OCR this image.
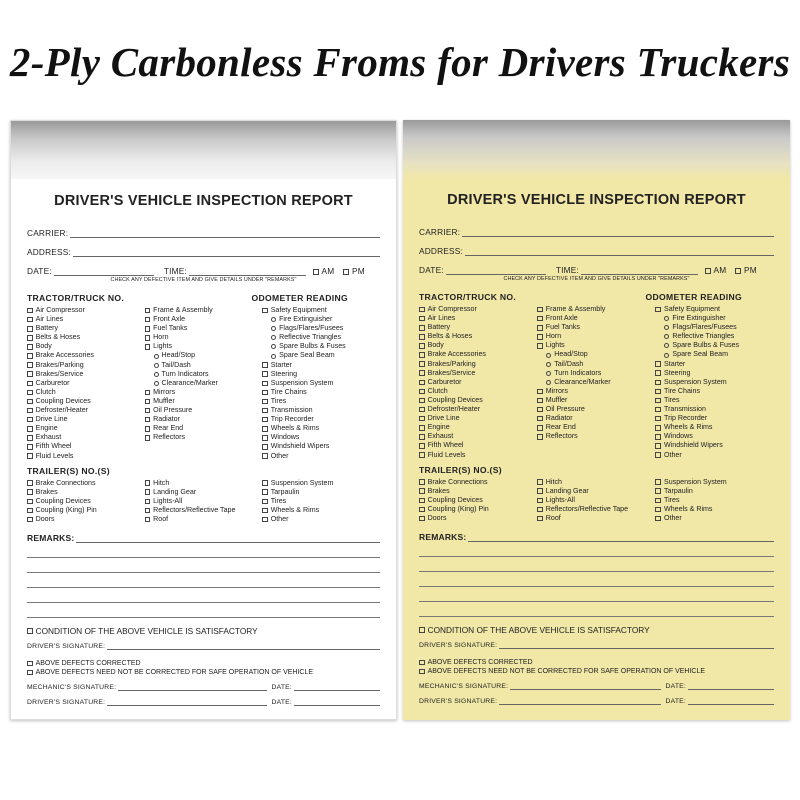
2-Ply Carbonless Froms for Drivers Truckers
DRIVER'S VEHICLE INSPECTION REPORT
CARRIER:
ADDRESS:
DATE:	TIME:	AM PM
CHECK ANY DEFECTIVE ITEM AND GIVE DETAILS UNDER "REMARKS"
TRACTOR/TRUCK NO.	ODOMETER READING
Air Compressor
Air Lines
Battery
Belts & Hoses
Body
Brake Accessories
Brakes/Parking
Brakes/Service
Carburetor
Clutch
Coupling Devices
Defroster/Heater
Drive Line
Engine
Exhaust
Fifth Wheel
Fluid Levels
Frame & Assembly
Front Axle
Fuel Tanks
Horn
Lights
Head/Stop
Tail/Dash
Turn Indicators
Clearance/Marker
Mirrors
Muffler
Oil Pressure
Radiator
Rear End
Reflectors
Safety Equipment
Fire Extinguisher
Flags/Flares/Fusees
Reflective Triangles
Spare Bulbs & Fuses
Spare Seal Beam
Starter
Steering
Suspension System
Tire Chains
Tires
Transmission
Trip Recorder
Wheels & Rims
Windows
Windshield Wipers
Other
TRAILER(S) NO.(S)
Brake Connections
Brakes
Coupling Devices
Coupling (King) Pin
Doors
Hitch
Landing Gear
Lights-All
Reflectors/Reflective Tape
Roof
Suspension System
Tarpaulin
Tires
Wheels & Rims
Other
REMARKS:
CONDITION OF THE ABOVE VEHICLE IS SATISFACTORY
DRIVER'S SIGNATURE:
ABOVE DEFECTS CORRECTED
ABOVE DEFECTS NEED NOT BE CORRECTED FOR SAFE OPERATION OF VEHICLE
MECHANIC'S SIGNATURE:	DATE:
DRIVER'S SIGNATURE:	DATE:
DRIVER'S VEHICLE INSPECTION REPORT
CARRIER:
ADDRESS:
DATE:	TIME:	AM PM
CHECK ANY DEFECTIVE ITEM AND GIVE DETAILS UNDER "REMARKS"
TRACTOR/TRUCK NO.	ODOMETER READING
Air Compressor
Air Lines
Battery
Belts & Hoses
Body
Brake Accessories
Brakes/Parking
Brakes/Service
Carburetor
Clutch
Coupling Devices
Defroster/Heater
Drive Line
Engine
Exhaust
Fifth Wheel
Fluid Levels
Frame & Assembly
Front Axle
Fuel Tanks
Horn
Lights
Head/Stop
Tail/Dash
Turn Indicators
Clearance/Marker
Mirrors
Muffler
Oil Pressure
Radiator
Rear End
Reflectors
Safety Equipment
Fire Extinguisher
Flags/Flares/Fusees
Reflective Triangles
Spare Bulbs & Fuses
Spare Seal Beam
Starter
Steering
Suspension System
Tire Chains
Tires
Transmission
Trip Recorder
Wheels & Rims
Windows
Windshield Wipers
Other
TRAILER(S) NO.(S)
Brake Connections
Brakes
Coupling Devices
Coupling (King) Pin
Doors
Hitch
Landing Gear
Lights-All
Reflectors/Reflective Tape
Roof
Suspension System
Tarpaulin
Tires
Wheels & Rims
Other
REMARKS:
CONDITION OF THE ABOVE VEHICLE IS SATISFACTORY
DRIVER'S SIGNATURE:
ABOVE DEFECTS CORRECTED
ABOVE DEFECTS NEED NOT BE CORRECTED FOR SAFE OPERATION OF VEHICLE
MECHANIC'S SIGNATURE:	DATE:
DRIVER'S SIGNATURE:	DATE:
